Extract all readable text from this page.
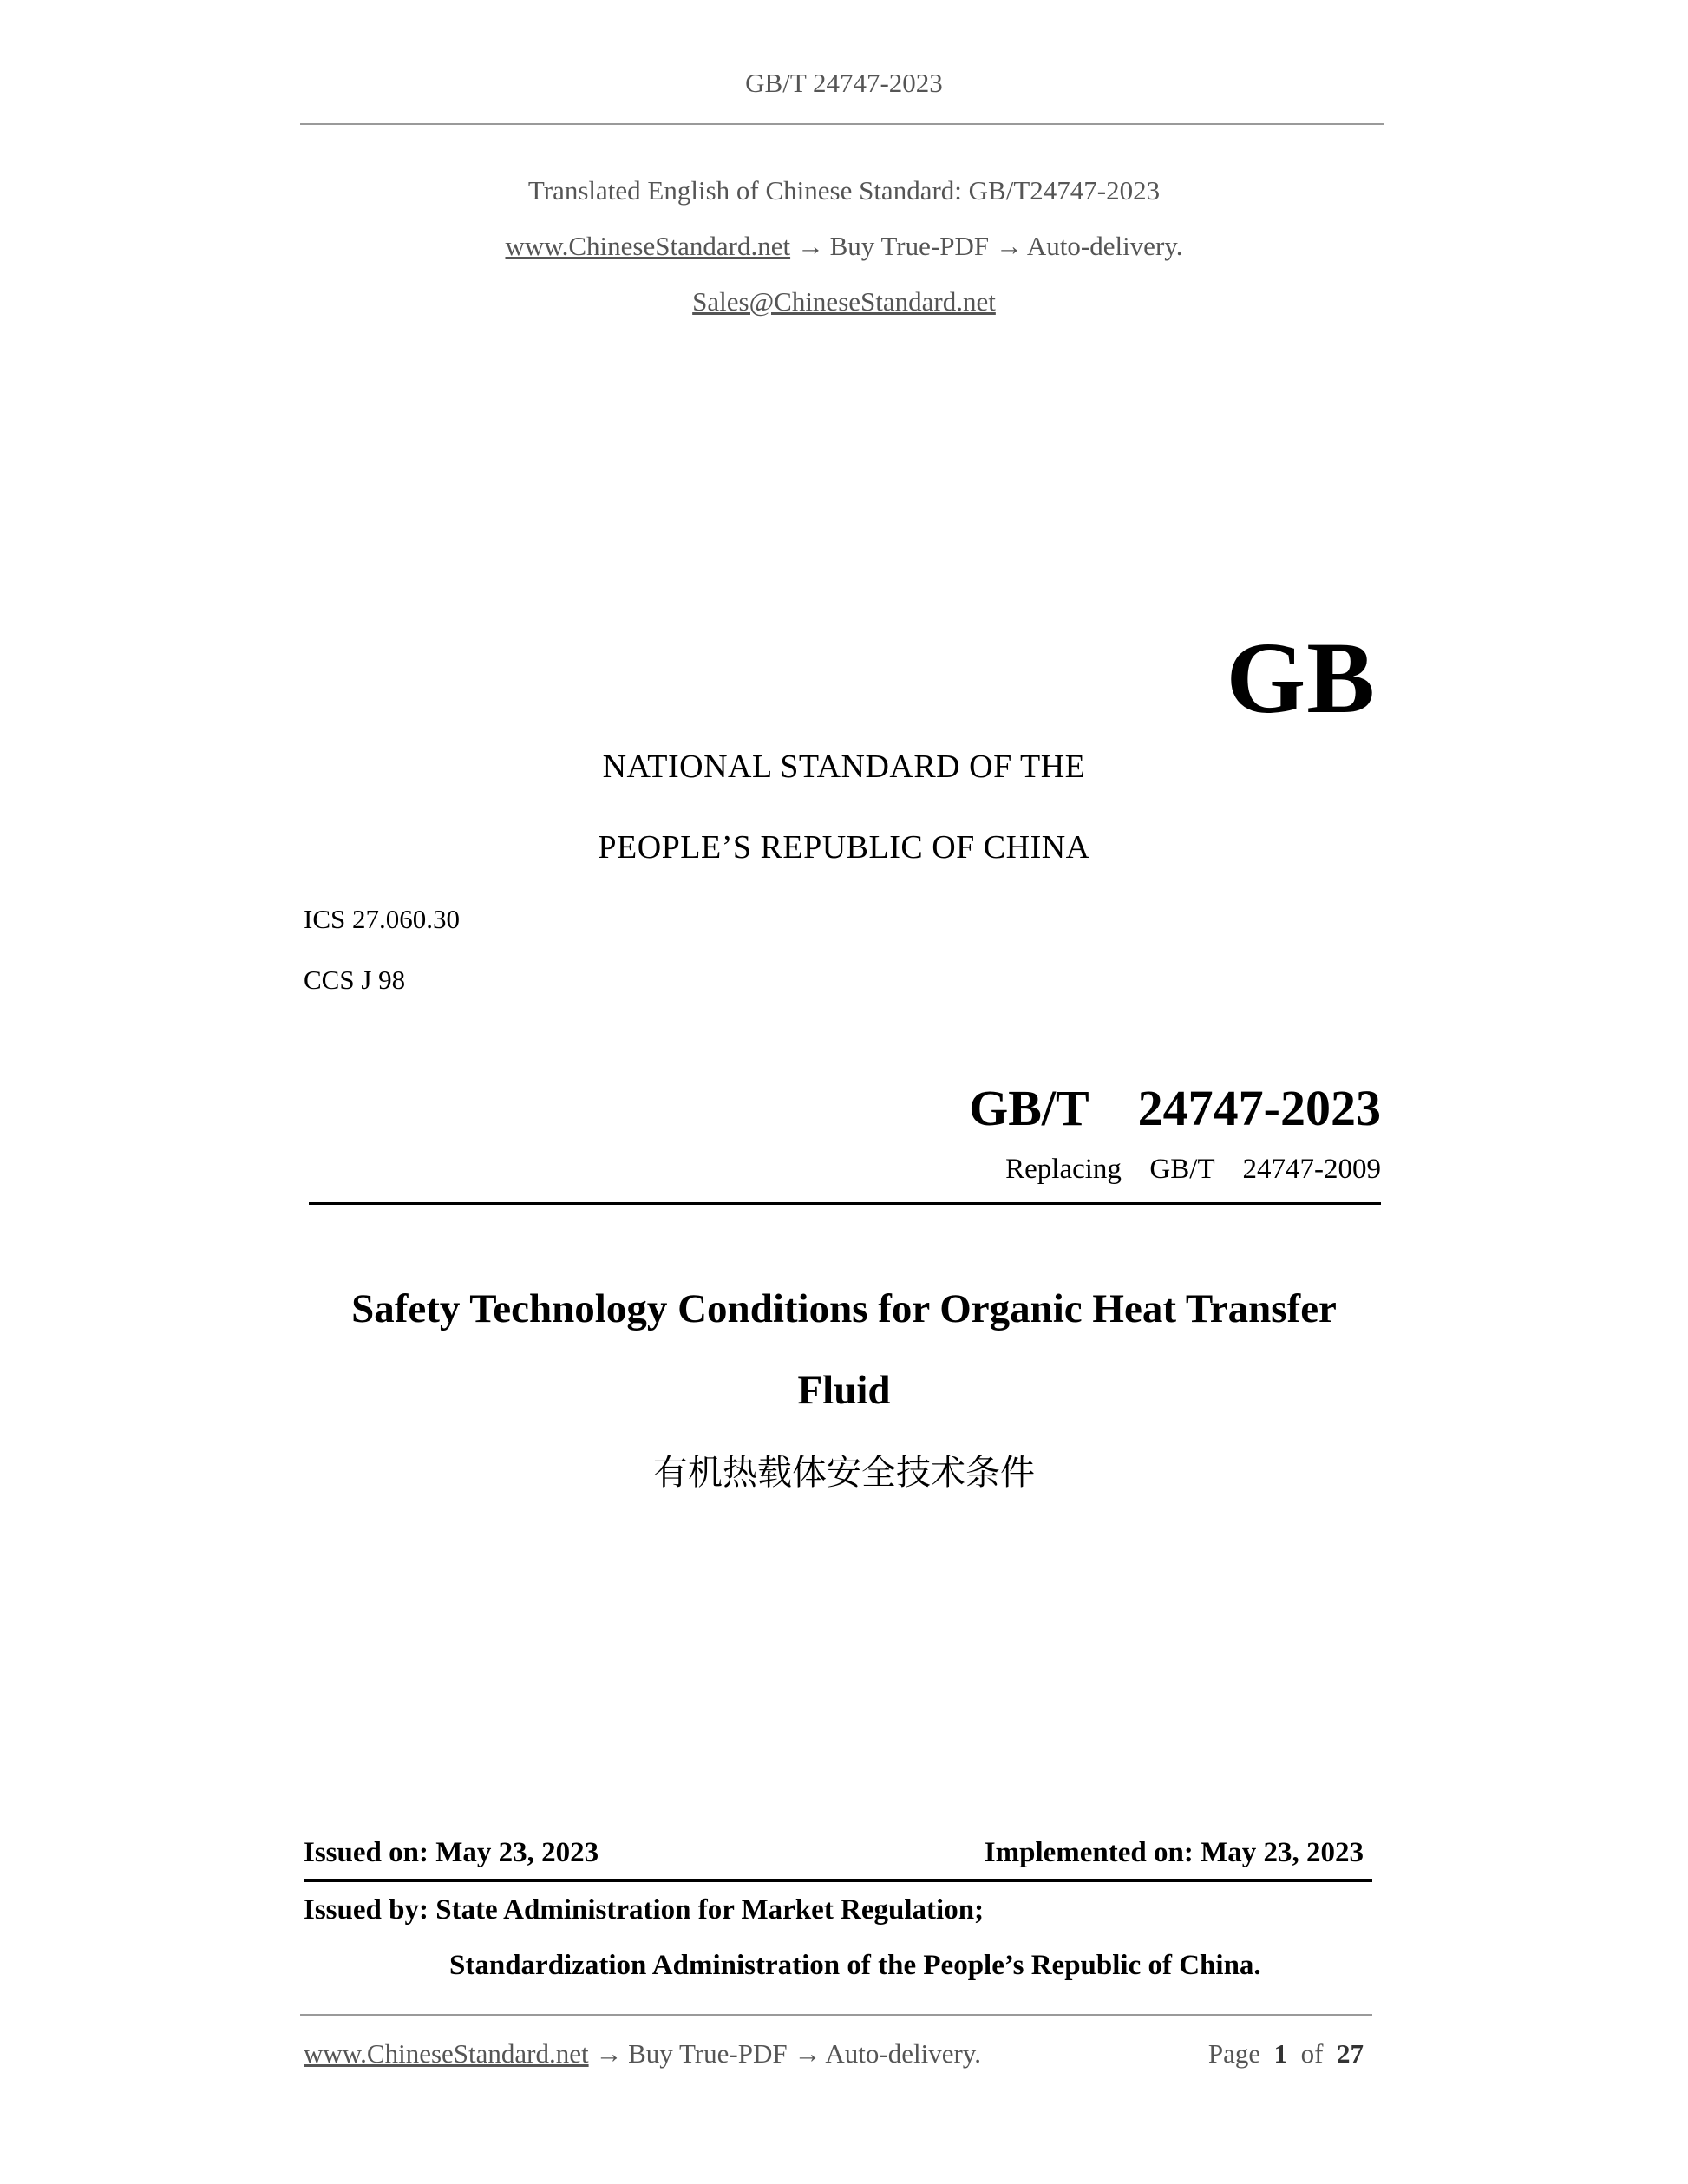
GB/T 24747-2023
Translated English of Chinese Standard: GB/T24747-2023
www.ChineseStandard.net → Buy True-PDF → Auto-delivery.
Sales@ChineseStandard.net
GB
NATIONAL STANDARD OF THE
PEOPLE’S REPUBLIC OF CHINA
ICS 27.060.30
CCS J 98
GB/T  24747-2023
Replacing  GB/T  24747-2009
Safety Technology Conditions for Organic Heat Transfer
Fluid
有机热载体安全技术条件
Issued on: May 23, 2023	Implemented on: May 23, 2023
Issued by: State Administration for Market Regulation;
Standardization Administration of the People’s Republic of China.
www.ChineseStandard.net → Buy True-PDF → Auto-delivery.	Page 1 of 27
